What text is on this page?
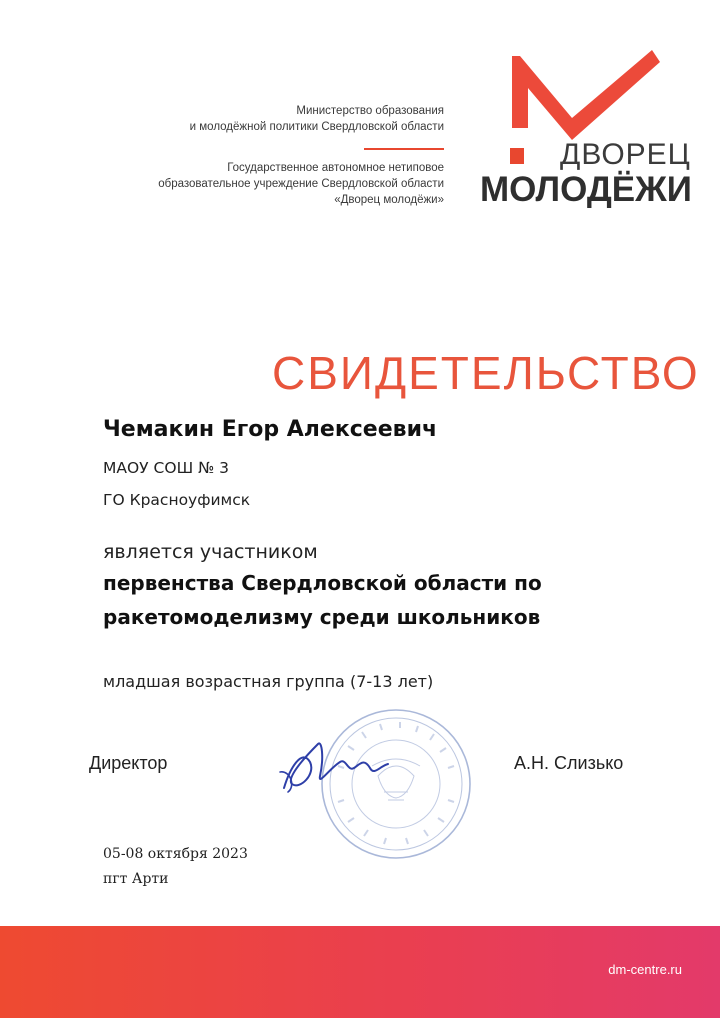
Министерство образования
и молодёжной политики Свердловской области
Государственное автономное нетиповое
образовательное учреждение Свердловской области
«Дворец молодёжи»
ДВОРЕЦ
МОЛОДЁЖИ
СВИДЕТЕЛЬСТВО
Чемакин Егор Алексеевич
МАОУ СОШ № 3
ГО Красноуфимск
является участником
первенства Свердловской области по
ракетомоделизму среди школьников
младшая возрастная группа (7-13 лет)
Директор	А.Н. Слизько
05-08 октября 2023
пгт Арти
dm-centre.ru
